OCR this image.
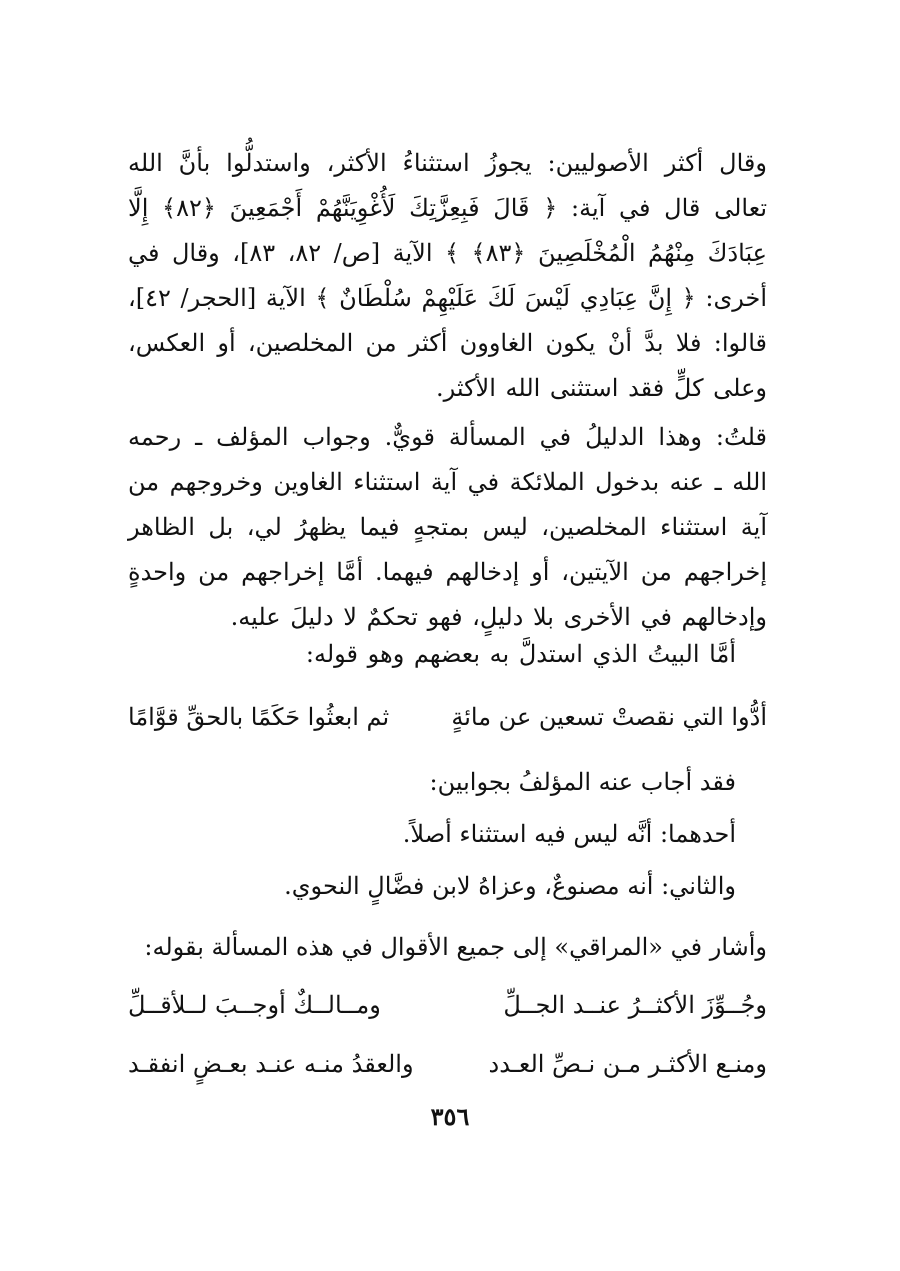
وقال أكثر الأصوليين: يجوزُ استثناءُ الأكثر، واستدلُّوا بأنَّ الله تعالى قال في آية: ﴿ قَالَ فَبِعِزَّتِكَ لَأُغْوِيَنَّهُمْ أَجْمَعِينَ ﴿٨٢﴾ إِلَّا عِبَادَكَ مِنْهُمُ الْمُخْلَصِينَ ﴿٨٣﴾ ﴾ الآية [ص/ ٨٢، ٨٣]، وقال في أخرى: ﴿ إِنَّ عِبَادِي لَيْسَ لَكَ عَلَيْهِمْ سُلْطَانٌ ﴾ الآية [الحجر/ ٤٢]، قالوا: فلا بدَّ أنْ يكون الغاوون أكثر من المخلصين، أو العكس، وعلى كلٍّ فقد استثنى الله الأكثر.
قلتُ: وهذا الدليلُ في المسألة قويٌّ. وجواب المؤلف ـ رحمه الله ـ عنه بدخول الملائكة في آية استثناء الغاوين وخروجهم من آية استثناء المخلصين، ليس بمتجهٍ فيما يظهرُ لي، بل الظاهر إخراجهم من الآيتين، أو إدخالهم فيهما. أمَّا إخراجهم من واحدةٍ وإدخالهم في الأخرى بلا دليلٍ، فهو تحكمٌ لا دليلَ عليه.
أمَّا البيتُ الذي استدلَّ به بعضهم وهو قوله:
أدُّوا التي نقصتْ تسعين عن مائةٍ
ثم ابعثُوا حَكَمًا بالحقِّ قوَّامًا
فقد أجاب عنه المؤلفُ بجوابين:
أحدهما: أنَّه ليس فيه استثناء أصلاً.
والثاني: أنه مصنوعٌ، وعزاهُ لابن فضَّالٍ النحوي.
وأشار في «المراقي» إلى جميع الأقوال في هذه المسألة بقوله:
وجُــوِّزَ الأكثــرُ عنــد الجــلِّ
ومــالــكٌ أوجــبَ لــلأقــلِّ
ومنـع الأكثـر مـن نـصِّ العـدد
والعقدُ منـه عنـد بعـضٍ انفقـد
٣٥٦
